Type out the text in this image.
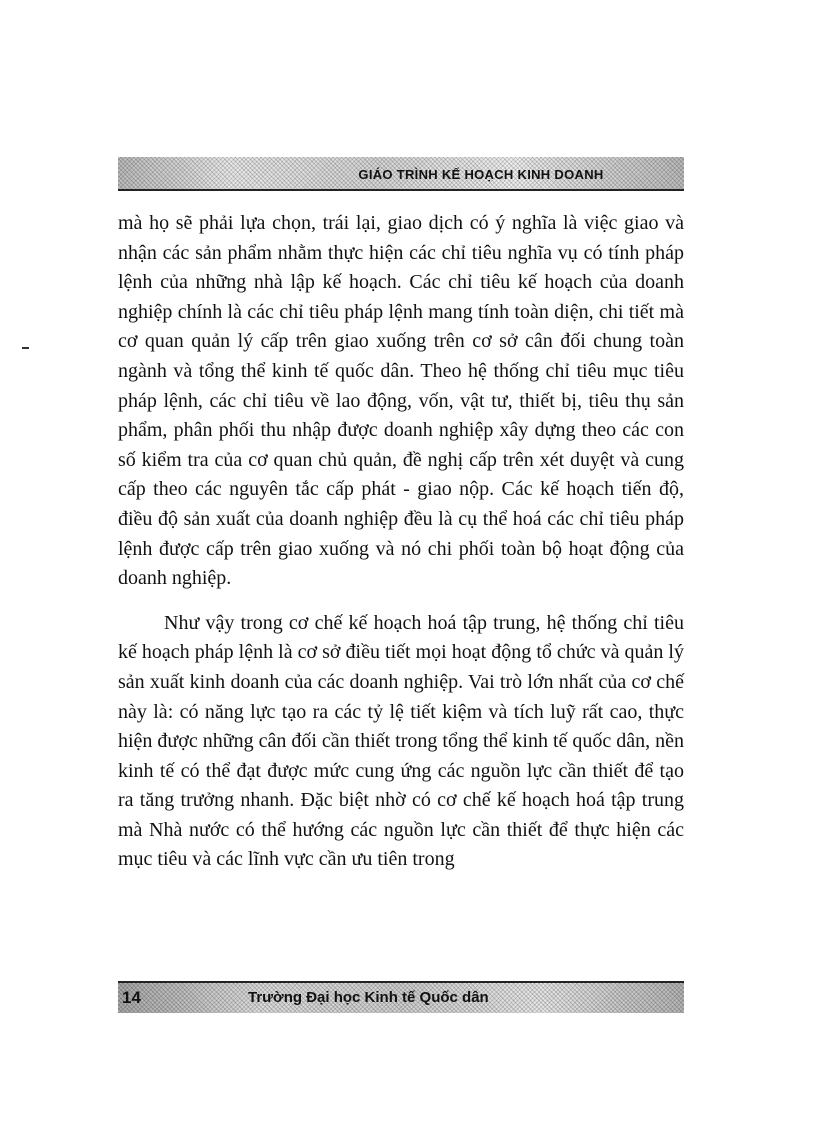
GIÁO TRÌNH KẾ HOẠCH KINH DOANH

mà họ sẽ phải lựa chọn, trái lại, giao dịch có ý nghĩa là việc giao và nhận các sản phẩm nhằm thực hiện các chỉ tiêu nghĩa vụ có tính pháp lệnh của những nhà lập kế hoạch. Các chỉ tiêu kế hoạch của doanh nghiệp chính là các chỉ tiêu pháp lệnh mang tính toàn diện, chi tiết mà cơ quan quản lý cấp trên giao xuống trên cơ sở cân đối chung toàn ngành và tổng thể kinh tế quốc dân. Theo hệ thống chỉ tiêu mục tiêu pháp lệnh, các chỉ tiêu về lao động, vốn, vật tư, thiết bị, tiêu thụ sản phẩm, phân phối thu nhập được doanh nghiệp xây dựng theo các con số kiểm tra của cơ quan chủ quản, đề nghị cấp trên xét duyệt và cung cấp theo các nguyên tắc cấp phát - giao nộp. Các kế hoạch tiến độ, điều độ sản xuất của doanh nghiệp đều là cụ thể hoá các chỉ tiêu pháp lệnh được cấp trên giao xuống và nó chi phối toàn bộ hoạt động của doanh nghiệp.

Như vậy trong cơ chế kế hoạch hoá tập trung, hệ thống chỉ tiêu kế hoạch pháp lệnh là cơ sở điều tiết mọi hoạt động tổ chức và quản lý sản xuất kinh doanh của các doanh nghiệp. Vai trò lớn nhất của cơ chế này là: có năng lực tạo ra các tỷ lệ tiết kiệm và tích luỹ rất cao, thực hiện được những cân đối cần thiết trong tổng thể kinh tế quốc dân, nền kinh tế có thể đạt được mức cung ứng các nguồn lực cần thiết để tạo ra tăng trưởng nhanh. Đặc biệt nhờ có cơ chế kế hoạch hoá tập trung mà Nhà nước có thể hướng các nguồn lực cần thiết để thực hiện các mục tiêu và các lĩnh vực cần ưu tiên trong

14	Trường Đại học Kinh tế Quốc dân
